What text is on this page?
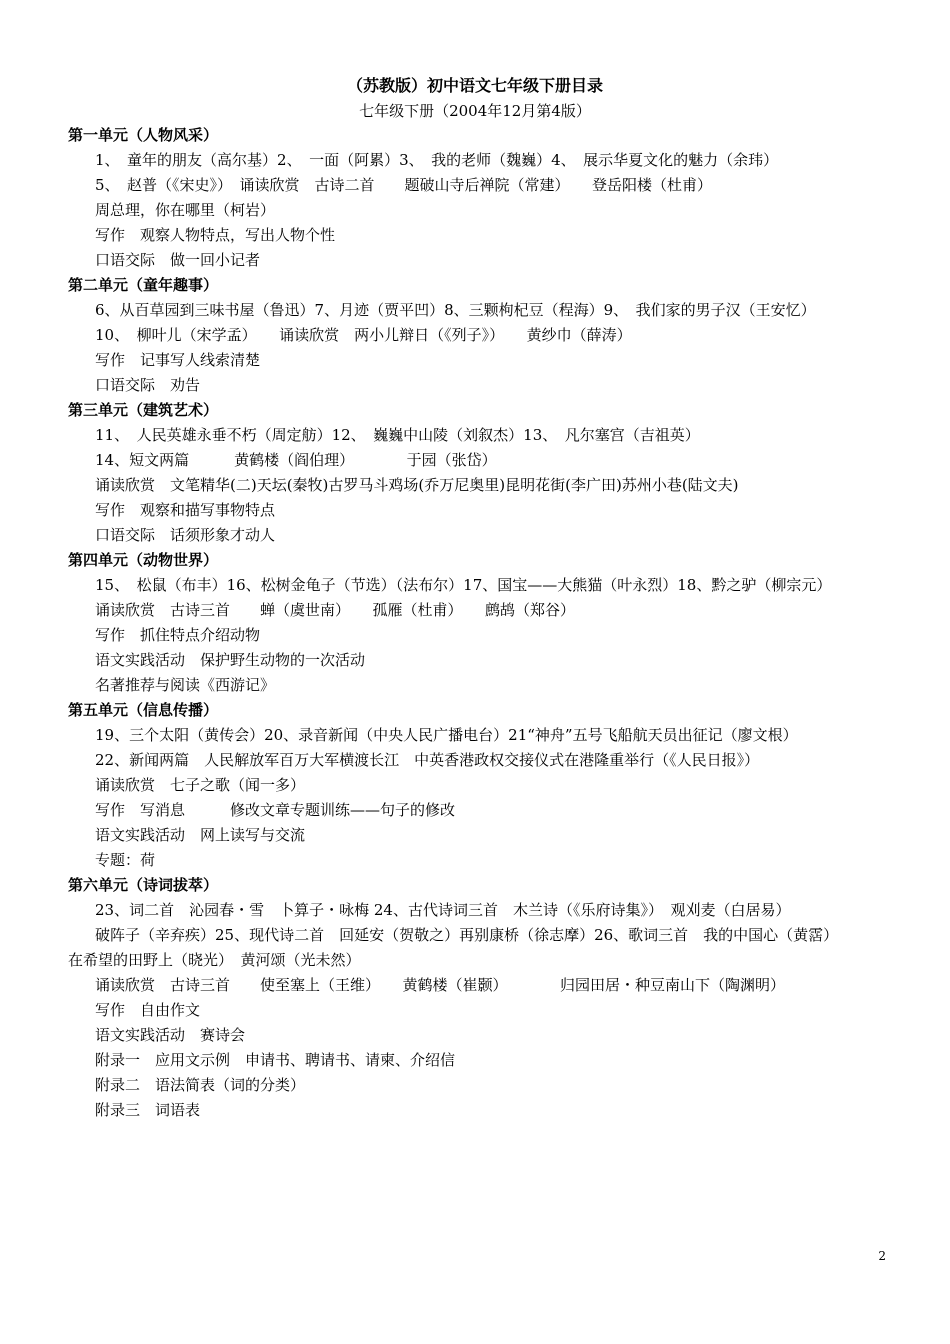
（苏教版）初中语文七年级下册目录
七年级下册（2004年12月第4版）
第一单元（人物风采）
1、　童年的朋友（高尔基）2、　一面（阿累）3、　我的老师（魏巍）4、　展示华夏文化的魅力（余玮）
5、　赵普（《宋史》）　诵读欣赏　古诗二首　　题破山寺后禅院（常建）　　登岳阳楼（杜甫）
周总理，你在哪里（柯岩）
写作　观察人物特点，写出人物个性
口语交际　做一回小记者
第二单元（童年趣事）
6、从百草园到三味书屋（鲁迅）7、月迹（贾平凹）8、三颗枸杞豆（程海）9、　我们家的男子汉（王安忆）
10、　柳叶儿（宋学孟）　　诵读欣赏　两小儿辩日（《列子》）　　黄纱巾（薛涛）
写作　记事写人线索清楚
口语交际　劝告
第三单元（建筑艺术）
11、　人民英雄永垂不朽（周定舫）12、　巍巍中山陵（刘叙杰）13、　凡尔塞宫（吉祖英）
14、短文两篇　　　黄鹤楼（阎伯理）　　　　于园（张岱）
诵读欣赏　文笔精华(二)天坛(秦牧)古罗马斗鸡场(乔万尼奥里)昆明花街(李广田)苏州小巷(陆文夫)
写作　观察和描写事物特点
口语交际　话须形象才动人
第四单元（动物世界）
15、　松鼠（布丰）16、松树金龟子（节选）（法布尔）17、国宝——大熊猫（叶永烈）18、黔之驴（柳宗元）
诵读欣赏　古诗三首　　蝉（虞世南）　　孤雁（杜甫）　　鹧鸪（郑谷）
写作　抓住特点介绍动物
语文实践活动　保护野生动物的一次活动
名著推荐与阅读《西游记》
第五单元（信息传播）
19、三个太阳（黄传会）20、录音新闻（中央人民广播电台）21“神舟”五号飞船航天员出征记（廖文根）
22、新闻两篇　人民解放军百万大军横渡长江　中英香港政权交接仪式在港隆重举行（《人民日报》）
诵读欣赏　七子之歌（闻一多）
写作　写消息　　　修改文章专题训练——句子的修改
语文实践活动　网上读写与交流
专题：荷
第六单元（诗词拔萃）
23、词二首　沁园春・雪　卜算子・咏梅 24、古代诗词三首　木兰诗（《乐府诗集》）　观刈麦（白居易）
破阵子（辛弃疾）25、现代诗二首　回延安（贺敬之）再别康桥（徐志摩）26、歌词三首　我的中国心（黄霑）
在希望的田野上（晓光）　黄河颂（光未然）
诵读欣赏　古诗三首　　使至塞上（王维）　　黄鹤楼（崔颢）　　　　归园田居・种豆南山下（陶渊明）
写作　自由作文
语文实践活动　赛诗会
附录一　应用文示例　申请书、聘请书、请柬、介绍信
附录二　语法简表（词的分类）
附录三　词语表
2
